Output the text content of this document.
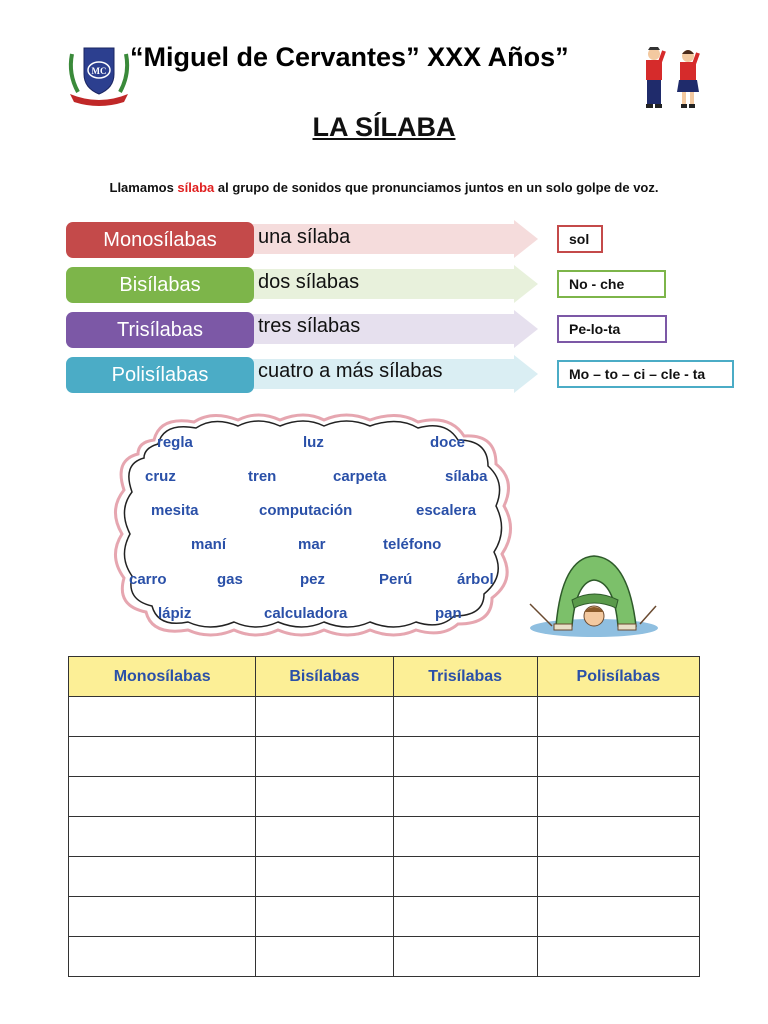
MC “Miguel de Cervantes” XXX Años”
LA SÍLABA
Llamamos sílaba al grupo de sonidos que pronunciamos juntos en un solo golpe de voz.
Monosílabas	una sílaba	sol
Bisílabas	dos sílabas	No - che
Trisílabas	tres sílabas	Pe-lo-ta
Polisílabas	cuatro a más sílabas	Mo – to – ci – cle - ta
regla	luz	doce
cruz	tren	carpeta	sílaba
mesita	computación	escalera
maní	mar	teléfono
carro	gas	pez	Perú	árbol
lápiz	calculadora	pan
Monosílabas	Bisílabas	Trisílabas	Polisílabas
